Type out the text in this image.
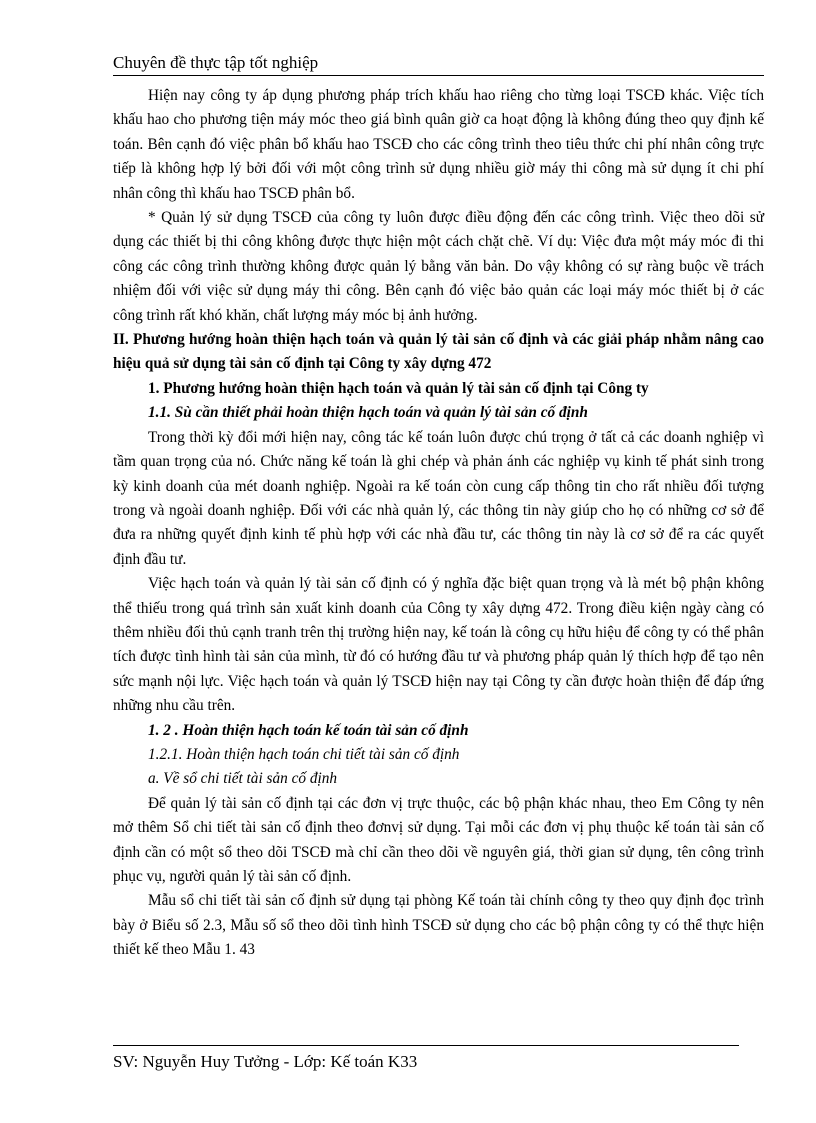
Chuyên đề thực tập tốt nghiệp

Hiện nay công ty áp dụng phương pháp trích khấu hao riêng cho từng loại TSCĐ khác. Việc tích khấu hao cho phương tiện máy móc theo giá bình quân giờ ca hoạt động là không đúng theo quy định kế toán. Bên cạnh đó việc phân bổ khấu hao TSCĐ cho các công trình theo tiêu thức chi phí nhân công trực tiếp là không hợp lý bởi đối với một công trình sử dụng nhiều giờ máy thi công mà sử dụng ít chi phí nhân công thì khấu hao TSCĐ phân bổ.

* Quản lý sử dụng TSCĐ của công ty luôn được điều động đến các công trình. Việc theo dõi sử dụng các thiết bị thi công không được thực hiện một cách chặt chẽ. Ví dụ: Việc đưa một máy móc đi thi công các công trình thường không được quản lý bằng văn bản. Do vậy không có sự ràng buộc về trách nhiệm đối với việc sử dụng máy thi công. Bên cạnh đó việc bảo quản các loại máy móc thiết bị ở các công trình rất khó khăn, chất lượng máy móc bị ảnh hưởng.

II. Phương hướng hoàn thiện hạch toán và quản lý tài sản cố định và các giải pháp nhằm nâng cao hiệu quả sử dụng tài sản cố định tại Công ty xây dựng 472

1. Phương hướng hoàn thiện hạch toán và quản lý tài sản cố định tại Công ty

1.1. Sù cần thiết phải hoàn thiện hạch toán và quản lý tài sản cố định

Trong thời kỳ đổi mới hiện nay, công tác kế toán luôn được chú trọng ở tất cả các doanh nghiệp vì tầm quan trọng của nó. Chức năng kế toán là ghi chép và phản ánh các nghiệp vụ kinh tế phát sinh trong kỳ kinh doanh của mét doanh nghiệp. Ngoài ra kế toán còn cung cấp thông tin cho rất nhiều đối tượng trong và ngoài doanh nghiệp. Đối với các nhà quản lý, các thông tin này giúp cho họ có những cơ sở để đưa ra những quyết định kinh tế phù hợp với các nhà đầu tư, các thông tin này là cơ sở để ra các quyết định đầu tư.

Việc hạch toán và quản lý tài sản cố định có ý nghĩa đặc biệt quan trọng và là mét bộ phận không thể thiếu trong quá trình sản xuất kinh doanh của Công ty xây dựng 472. Trong điều kiện ngày càng có thêm nhiều đối thủ cạnh tranh trên thị trường hiện nay, kế toán là công cụ hữu hiệu để công ty có thể phân tích được tình hình tài sản của mình, từ đó có hướng đầu tư và phương pháp quản lý thích hợp để tạo nên sức mạnh nội lực. Việc hạch toán và quản lý TSCĐ hiện nay tại Công ty cần được hoàn thiện để đáp ứng những nhu cầu trên.

1. 2 . Hoàn thiện hạch toán kế toán tài sản cố định

1.2.1. Hoàn thiện hạch toán chi tiết tài sản cố định

a. Về sổ chi tiết tài sản cố định

Để quản lý tài sản cố định tại các đơn vị trực thuộc, các bộ phận khác nhau, theo Em Công ty nên mở thêm Sổ chi tiết tài sản cố định theo đơnvị sử dụng. Tại mỗi các đơn vị phụ thuộc kế toán tài sản cố định cần có một sổ theo dõi TSCĐ mà chỉ cần theo dõi về nguyên giá, thời gian sử dụng, tên công trình phục vụ, người quản lý tài sản cố định.

Mẫu sổ chi tiết tài sản cố định sử dụng tại phòng Kế toán tài chính công ty theo quy định đọc trình bày ở Biểu số 2.3, Mẫu số sổ theo dõi tình hình TSCĐ sử dụng cho các bộ phận công ty có thể thực hiện thiết kế theo Mẫu 1. 43

SV: Nguyễn Huy Tưởng - Lớp: Kế toán K33
